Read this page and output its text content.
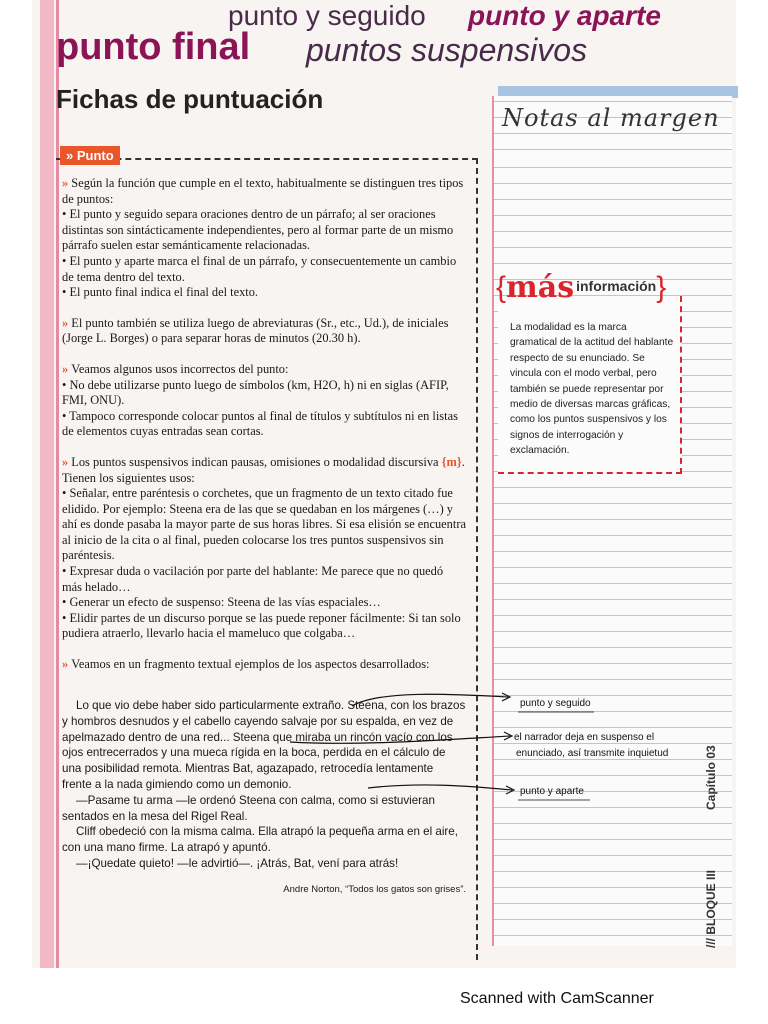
punto y seguido punto y aparte
punto final puntos suspensivos
Fichas de puntuación
» Punto

» Según la función que cumple en el texto, habitualmente se distinguen tres tipos de puntos:
• El punto y seguido separa oraciones dentro de un párrafo; al ser oraciones distintas son sintácticamente independientes, pero al formar parte de un mismo párrafo suelen estar semánticamente relacionadas.
• El punto y aparte marca el final de un párrafo, y consecuentemente un cambio de tema dentro del texto.
• El punto final indica el final del texto.

» El punto también se utiliza luego de abreviaturas (Sr., etc., Ud.), de iniciales (Jorge L. Borges) o para separar horas de minutos (20.30 h).

» Veamos algunos usos incorrectos del punto:
• No debe utilizarse punto luego de símbolos (km, H2O, h) ni en siglas (AFIP, FMI, ONU).
• Tampoco corresponde colocar puntos al final de títulos y subtítulos ni en listas de elementos cuyas entradas sean cortas.

» Los puntos suspensivos indican pausas, omisiones o modalidad discursiva {m}. Tienen los siguientes usos:
• Señalar, entre paréntesis o corchetes, que un fragmento de un texto citado fue elidido. Por ejemplo: Steena era de las que se quedaban en los márgenes (…) y ahí es donde pasaba la mayor parte de sus horas libres. Si esa elisión se encuentra al inicio de la cita o al final, pueden colocarse los tres puntos suspensivos sin paréntesis.
• Expresar duda o vacilación por parte del hablante: Me parece que no quedó más helado…
• Generar un efecto de suspenso: Steena de las vías espaciales…
• Elidir partes de un discurso porque se las puede reponer fácilmente: Si tan solo pudiera atraerlo, llevarlo hacia el mameluco que colgaba…

» Veamos en un fragmento textual ejemplos de los aspectos desarrollados:

Lo que vio debe haber sido particularmente extraño. Steena, con los brazos y hombros desnudos y el cabello cayendo salvaje por su espalda, en vez de apelmazado dentro de una red... Steena que miraba un rincón vacío con los ojos entrecerrados y una mueca rígida en la boca, perdida en el cálculo de una posibilidad remota. Mientras Bat, agazapado, retrocedía lentamente frente a la nada gimiendo como un demonio.

—Pasame tu arma —le ordenó Steena con calma, como si estuvieran sentados en la mesa del Rigel Real.

Cliff obedeció con la misma calma. Ella atrapó la pequeña arma en el aire, con una mano firme. La atrapó y apuntó.

—¡Quedate quieto! —le advirtió—. ¡Atrás, Bat, vení para atrás!

Andre Norton, “Todos los gatos son grises”.
Notas al margen
{más información}
La modalidad es la marca gramatical de la actitud del hablante respecto de su enunciado. Se vincula con el modo verbal, pero también se puede representar por medio de diversas marcas gráficas, como los puntos suspensivos y los signos de interrogación y exclamación.
punto y seguido
el narrador deja en suspenso el
enunciado, así transmite inquietud
punto y aparte
/// BLOQUE III
Capítulo 03
Scanned with CamScanner
